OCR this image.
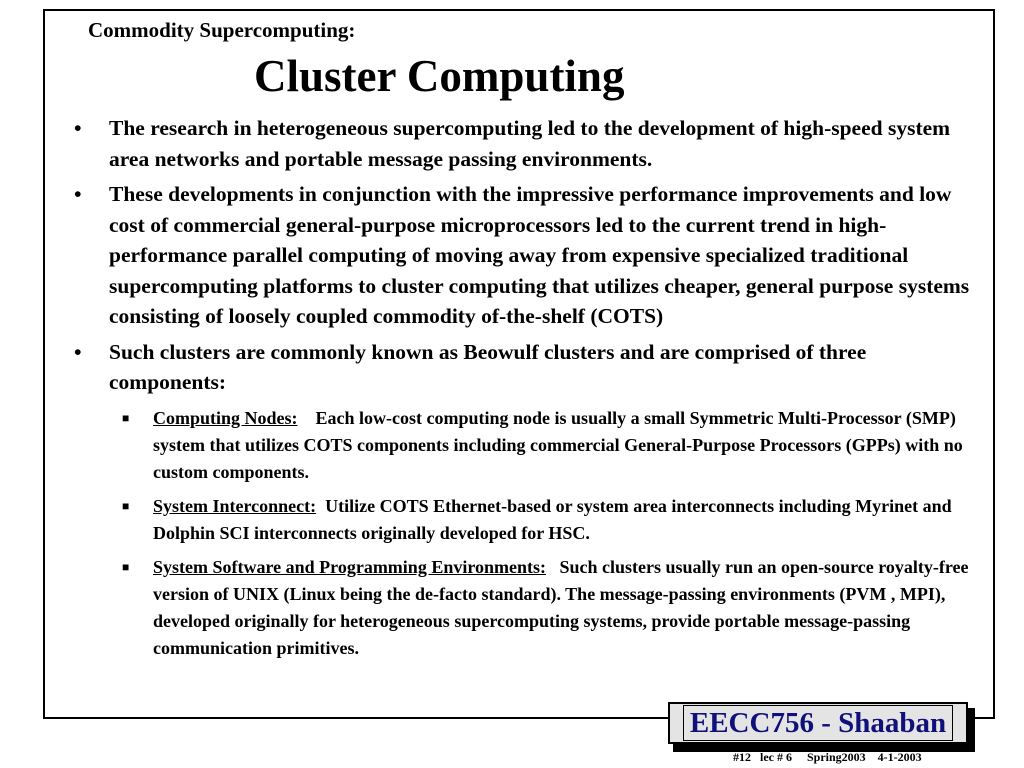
Commodity Supercomputing:
Cluster Computing
•	The research in heterogeneous supercomputing led to the development of high-speed system area networks and portable message passing environments.
•	These developments in conjunction with the impressive performance improvements and low cost of commercial general-purpose microprocessors led to the current trend in high-performance parallel computing of moving away from expensive specialized traditional supercomputing platforms to cluster computing that utilizes cheaper, general purpose systems consisting of loosely coupled commodity of-the-shelf (COTS)
•	Such clusters are commonly known as Beowulf clusters and are comprised of three components:
■	Computing Nodes: Each low-cost computing node is usually a small Symmetric Multi-Processor (SMP) system that utilizes COTS components including commercial General-Purpose Processors (GPPs) with no custom components.
■	System Interconnect: Utilize COTS Ethernet-based or system area interconnects including Myrinet and Dolphin SCI interconnects originally developed for HSC.
■	System Software and Programming Environments: Such clusters usually run an open-source royalty-free version of UNIX (Linux being the de-facto standard). The message-passing environments (PVM , MPI), developed originally for heterogeneous supercomputing systems, provide portable message-passing communication primitives.
EECC756 - Shaaban
#12   lec # 6     Spring2003    4-1-2003
